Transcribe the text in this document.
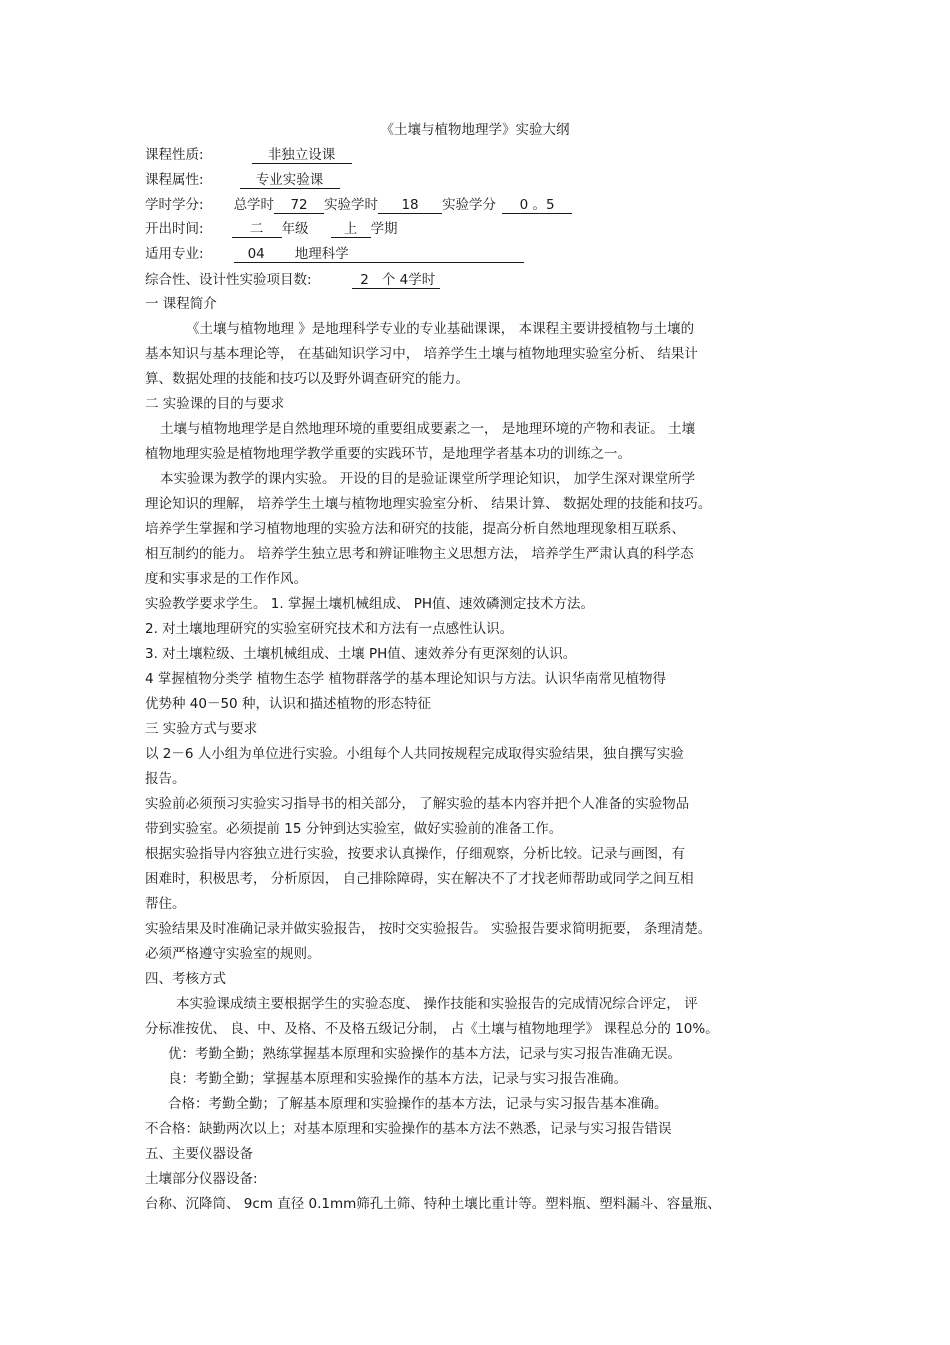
《土壤与植物地理学》实验大纲
课程性质:	非独立设课
课程属性:	专业实验课
学时学分: 总学时 72 实验学时 18 实验学分 0 。5
开出时间:	二 年级	上 学期
适用专业:	04 地理科学
综合性、设计性实验项目数:	2 个 4学时
一 课程简介
《土壤与植物地理 》是地理科学专业的专业基础课课， 本课程主要讲授植物与土壤的
基本知识与基本理论等， 在基础知识学习中， 培养学生土壤与植物地理实验室分析、 结果计
算、数据处理的技能和技巧以及野外调查研究的能力。
二 实验课的目的与要求
土壤与植物地理学是自然地理环境的重要组成要素之一， 是地理环境的产物和表证。 土壤
植物地理实验是植物地理学教学重要的实践环节，是地理学者基本功的训练之一。
本实验课为教学的课内实验。 开设的目的是验证课堂所学理论知识， 加学生深对课堂所学
理论知识的理解， 培养学生土壤与植物地理实验室分析、 结果计算、 数据处理的技能和技巧。
培养学生掌握和学习植物地理的实验方法和研究的技能，提高分析自然地理现象相互联系、
相互制约的能力。 培养学生独立思考和辨证唯物主义思想方法， 培养学生严肃认真的科学态
度和实事求是的工作作风。
实验教学要求学生。 1. 掌握土壤机械组成、 PH值、速效磷测定技术方法。
2. 对土壤地理研究的实验室研究技术和方法有一点感性认识。
3. 对土壤粒级、土壤机械组成、土壤 PH值、速效养分有更深刻的认识。
4 掌握植物分类学 植物生态学 植物群落学的基本理论知识与方法。认识华南常见植物得
优势种 40－50 种，认识和描述植物的形态特征
三 实验方式与要求
以 2－6 人小组为单位进行实验。小组每个人共同按规程完成取得实验结果，独自撰写实验
报告。
实验前必须预习实验实习指导书的相关部分， 了解实验的基本内容并把个人准备的实验物品
带到实验室。必须提前 15 分钟到达实验室，做好实验前的准备工作。
根据实验指导内容独立进行实验，按要求认真操作，仔细观察，分析比较。记录与画图，有
困难时，积极思考， 分析原因， 自己排除障碍，实在解决不了才找老师帮助或同学之间互相
帮住。
实验结果及时准确记录并做实验报告， 按时交实验报告。 实验报告要求简明扼要， 条理清楚。
必须严格遵守实验室的规则。
四、考核方式
本实验课成绩主要根据学生的实验态度、 操作技能和实验报告的完成情况综合评定， 评
分标准按优、 良、中、及格、不及格五级记分制， 占《土壤与植物地理学》 课程总分的 10%。
优：考勤全勤；熟练掌握基本原理和实验操作的基本方法，记录与实习报告准确无误。
良：考勤全勤；掌握基本原理和实验操作的基本方法，记录与实习报告准确。
合格：考勤全勤；了解基本原理和实验操作的基本方法，记录与实习报告基本准确。
不合格：缺勤两次以上；对基本原理和实验操作的基本方法不熟悉，记录与实习报告错误
五、主要仪器设备
土壤部分仪器设备:
台称、沉降筒、 9cm 直径 0.1mm筛孔土筛、特种土壤比重计等。塑料瓶、塑料漏斗、容量瓶、
